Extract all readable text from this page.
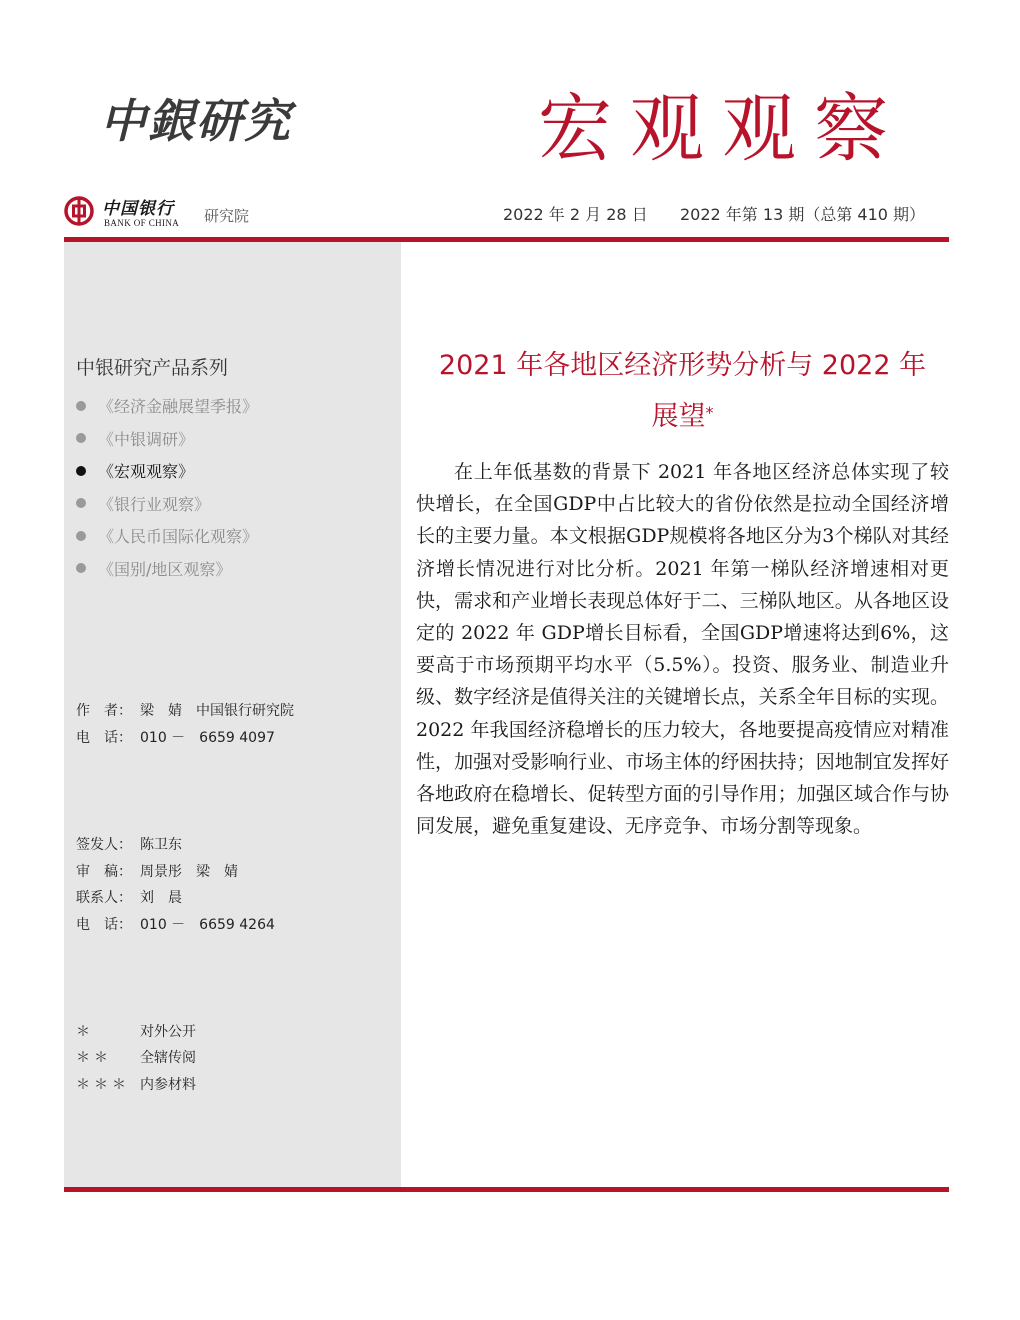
中銀研究	宏观观察
中国银行
BANK OF CHINA 研究院	2022 年 2 月 28 日 2022 年第 13 期（总第 410 期）
中银研究产品系列
《经济金融展望季报》
《中银调研》
《宏观观察》
《银行业观察》
《人民币国际化观察》
《国别/地区观察》
作　者： 梁　婧　中国银行研究院
电　话： 010 －　6659 4097
签发人： 陈卫东
审　稿： 周景彤　梁　婧
联系人： 刘　晨
电　话： 010 －　6659 4264
＊	对外公开
＊＊ 全辖传阅
＊＊＊ 内参材料
2021 年各地区经济形势分析与 2022 年
展望*

在上年低基数的背景下 2021 年各地区经济总体实现了较快增长，在全国GDP中占比较大的省份依然是拉动全国经济增长的主要力量。本文根据GDP规模将各地区分为3个梯队对其经济增长情况进行对比分析。2021 年第一梯队经济增速相对更快，需求和产业增长表现总体好于二、三梯队地区。从各地区设定的 2022 年 GDP增长目标看，全国GDP增速将达到6%，这要高于市场预期平均水平（5.5%）。投资、服务业、制造业升级、数字经济是值得关注的关键增长点，关系全年目标的实现。2022 年我国经济稳增长的压力较大，各地要提高疫情应对精准性，加强对受影响行业、市场主体的纾困扶持；因地制宜发挥好各地政府在稳增长、促转型方面的引导作用；加强区域合作与协同发展，避免重复建设、无序竞争、市场分割等现象。
